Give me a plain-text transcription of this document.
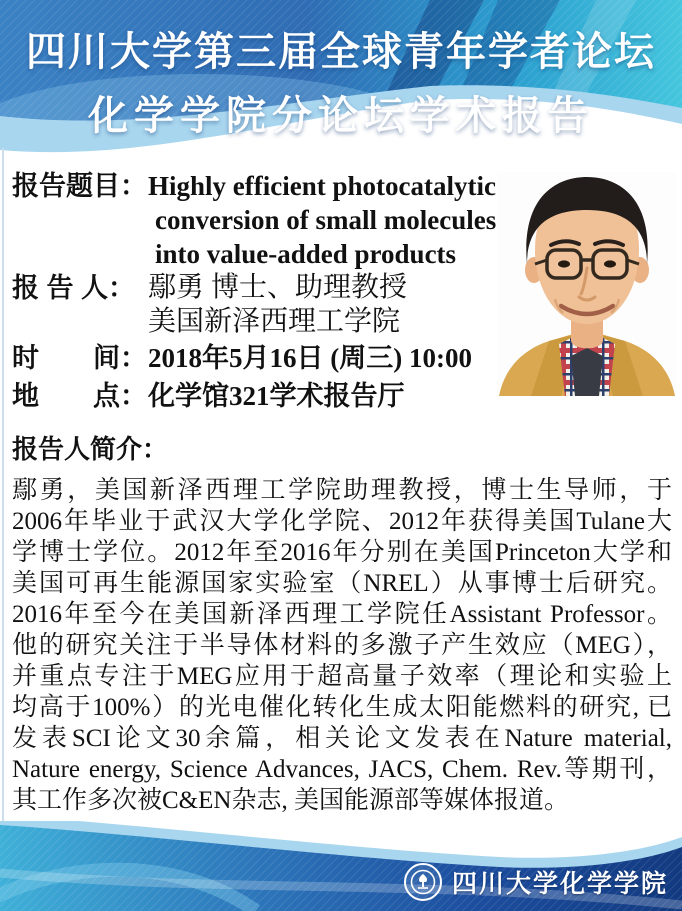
四川大学第三届全球青年学者论坛
化学学院分论坛学术报告
报告题目： Highly efficient photocatalytic
conversion of small molecules
into value-added products
报 告 人： 鄢勇 博士、助理教授
美国新泽西理工学院
时　　间： 2018年5月16日 (周三) 10:00
地　　点： 化学馆321学术报告厅
报告人简介：
鄢勇，美国新泽西理工学院助理教授，博士生导师，于
2006年毕业于武汉大学化学院、2012年获得美国Tulane大
学博士学位。2012年至2016年分别在美国Princeton大学和
美国可再生能源国家实验室（NREL）从事博士后研究。
2016年至今在美国新泽西理工学院任Assistant Professor。
他的研究关注于半导体材料的多激子产生效应（MEG），
并重点专注于MEG应用于超高量子效率（理论和实验上
均高于100%）的光电催化转化生成太阳能燃料的研究, 已
发表SCI论文30余篇，相关论文发表在Nature material,
Nature energy, Science Advances, JACS, Chem. Rev.等期刊，
其工作多次被C&EN杂志, 美国能源部等媒体报道。
四川大学化学学院
